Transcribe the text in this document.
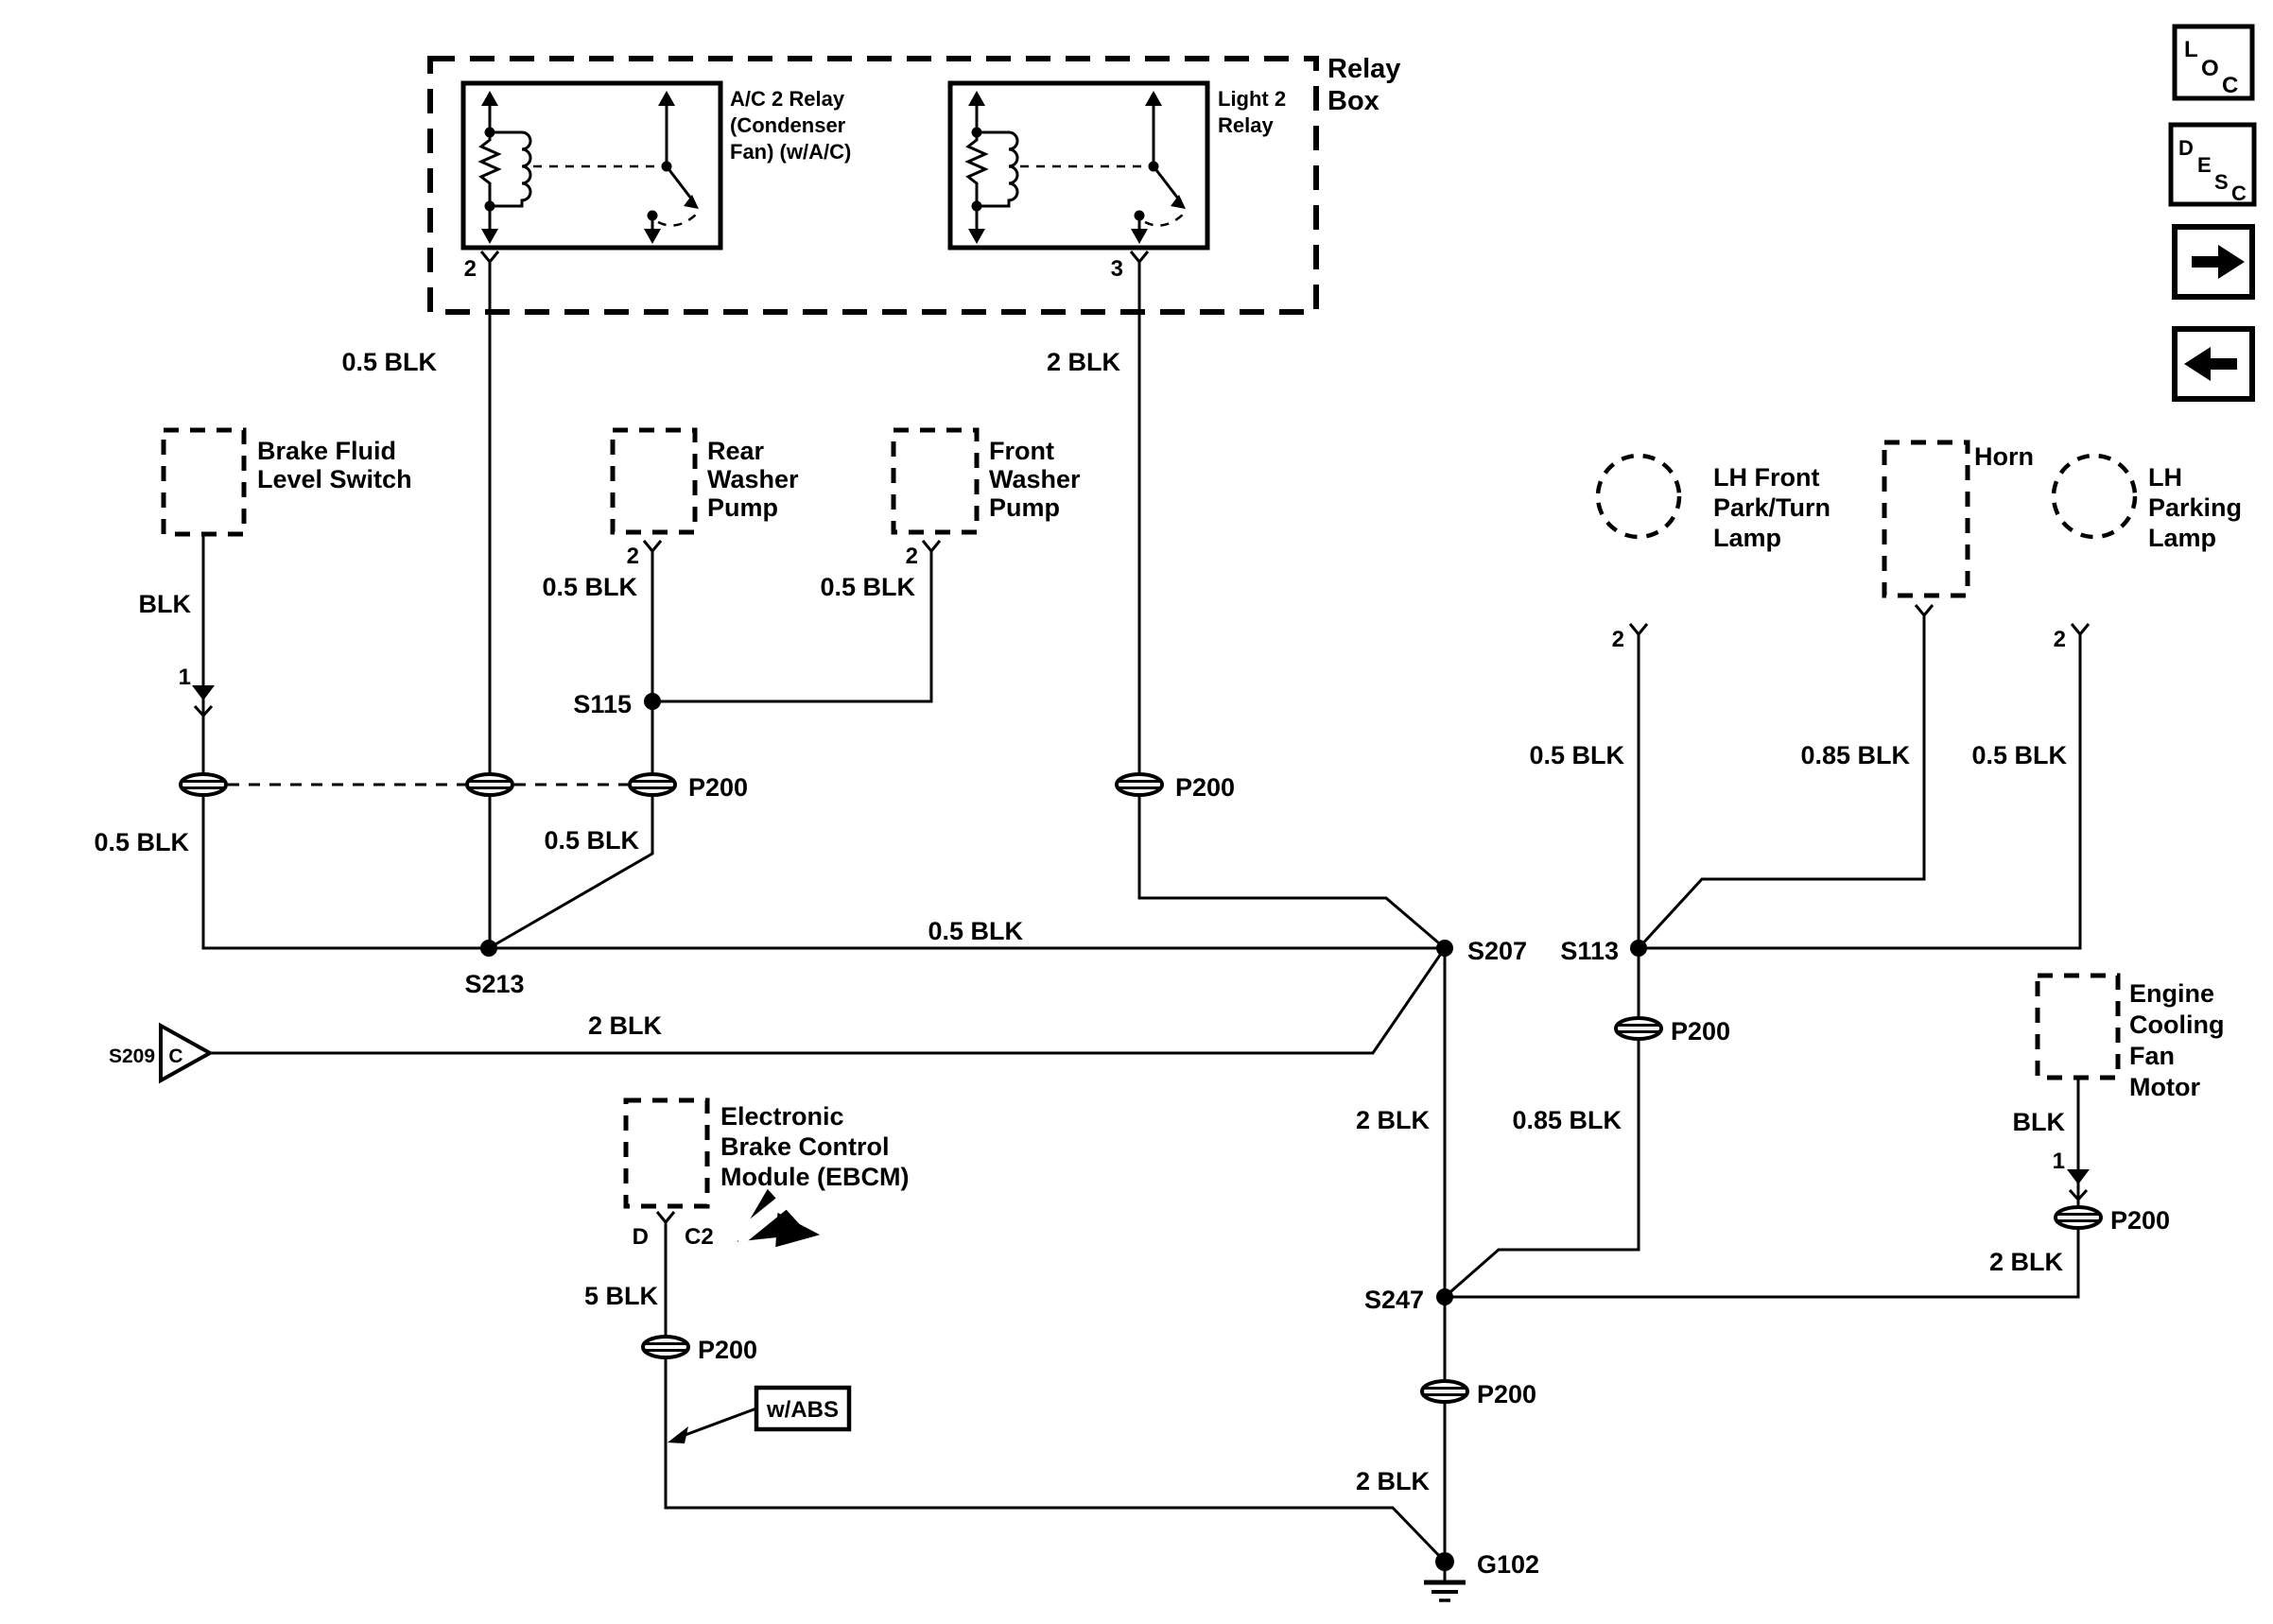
L
O
C
D
E
S C
Relay
Box
A/C 2 Relay
(Condenser
Fan) (w/A/C)
Light 2
Relay
2	3
0.5 BLK	2 BLK
Brake Fluid
Level Switch
BLK
1
Rear
Washer
Pump
2
0.5 BLK
Front
Washer
Pump
2
0.5 BLK
S115
P200
0.5 BLK	0.5 BLK
P200
S213
0.5 BLK
S209 C
2 BLK
S207 S113
P200
2 BLK	0.85 BLK
LH Front
Park/Turn
Lamp
2
0.5 BLK
Horn
0.85 BLK
LH
Parking
Lamp
2
0.5 BLK
Engine
Cooling
Fan
Motor
BLK
1
P200
2 BLK
S247
P200
2 BLK
G102
Electronic
Brake Control
Module (EBCM)
D C2
5 BLK
P200
w/ABS
